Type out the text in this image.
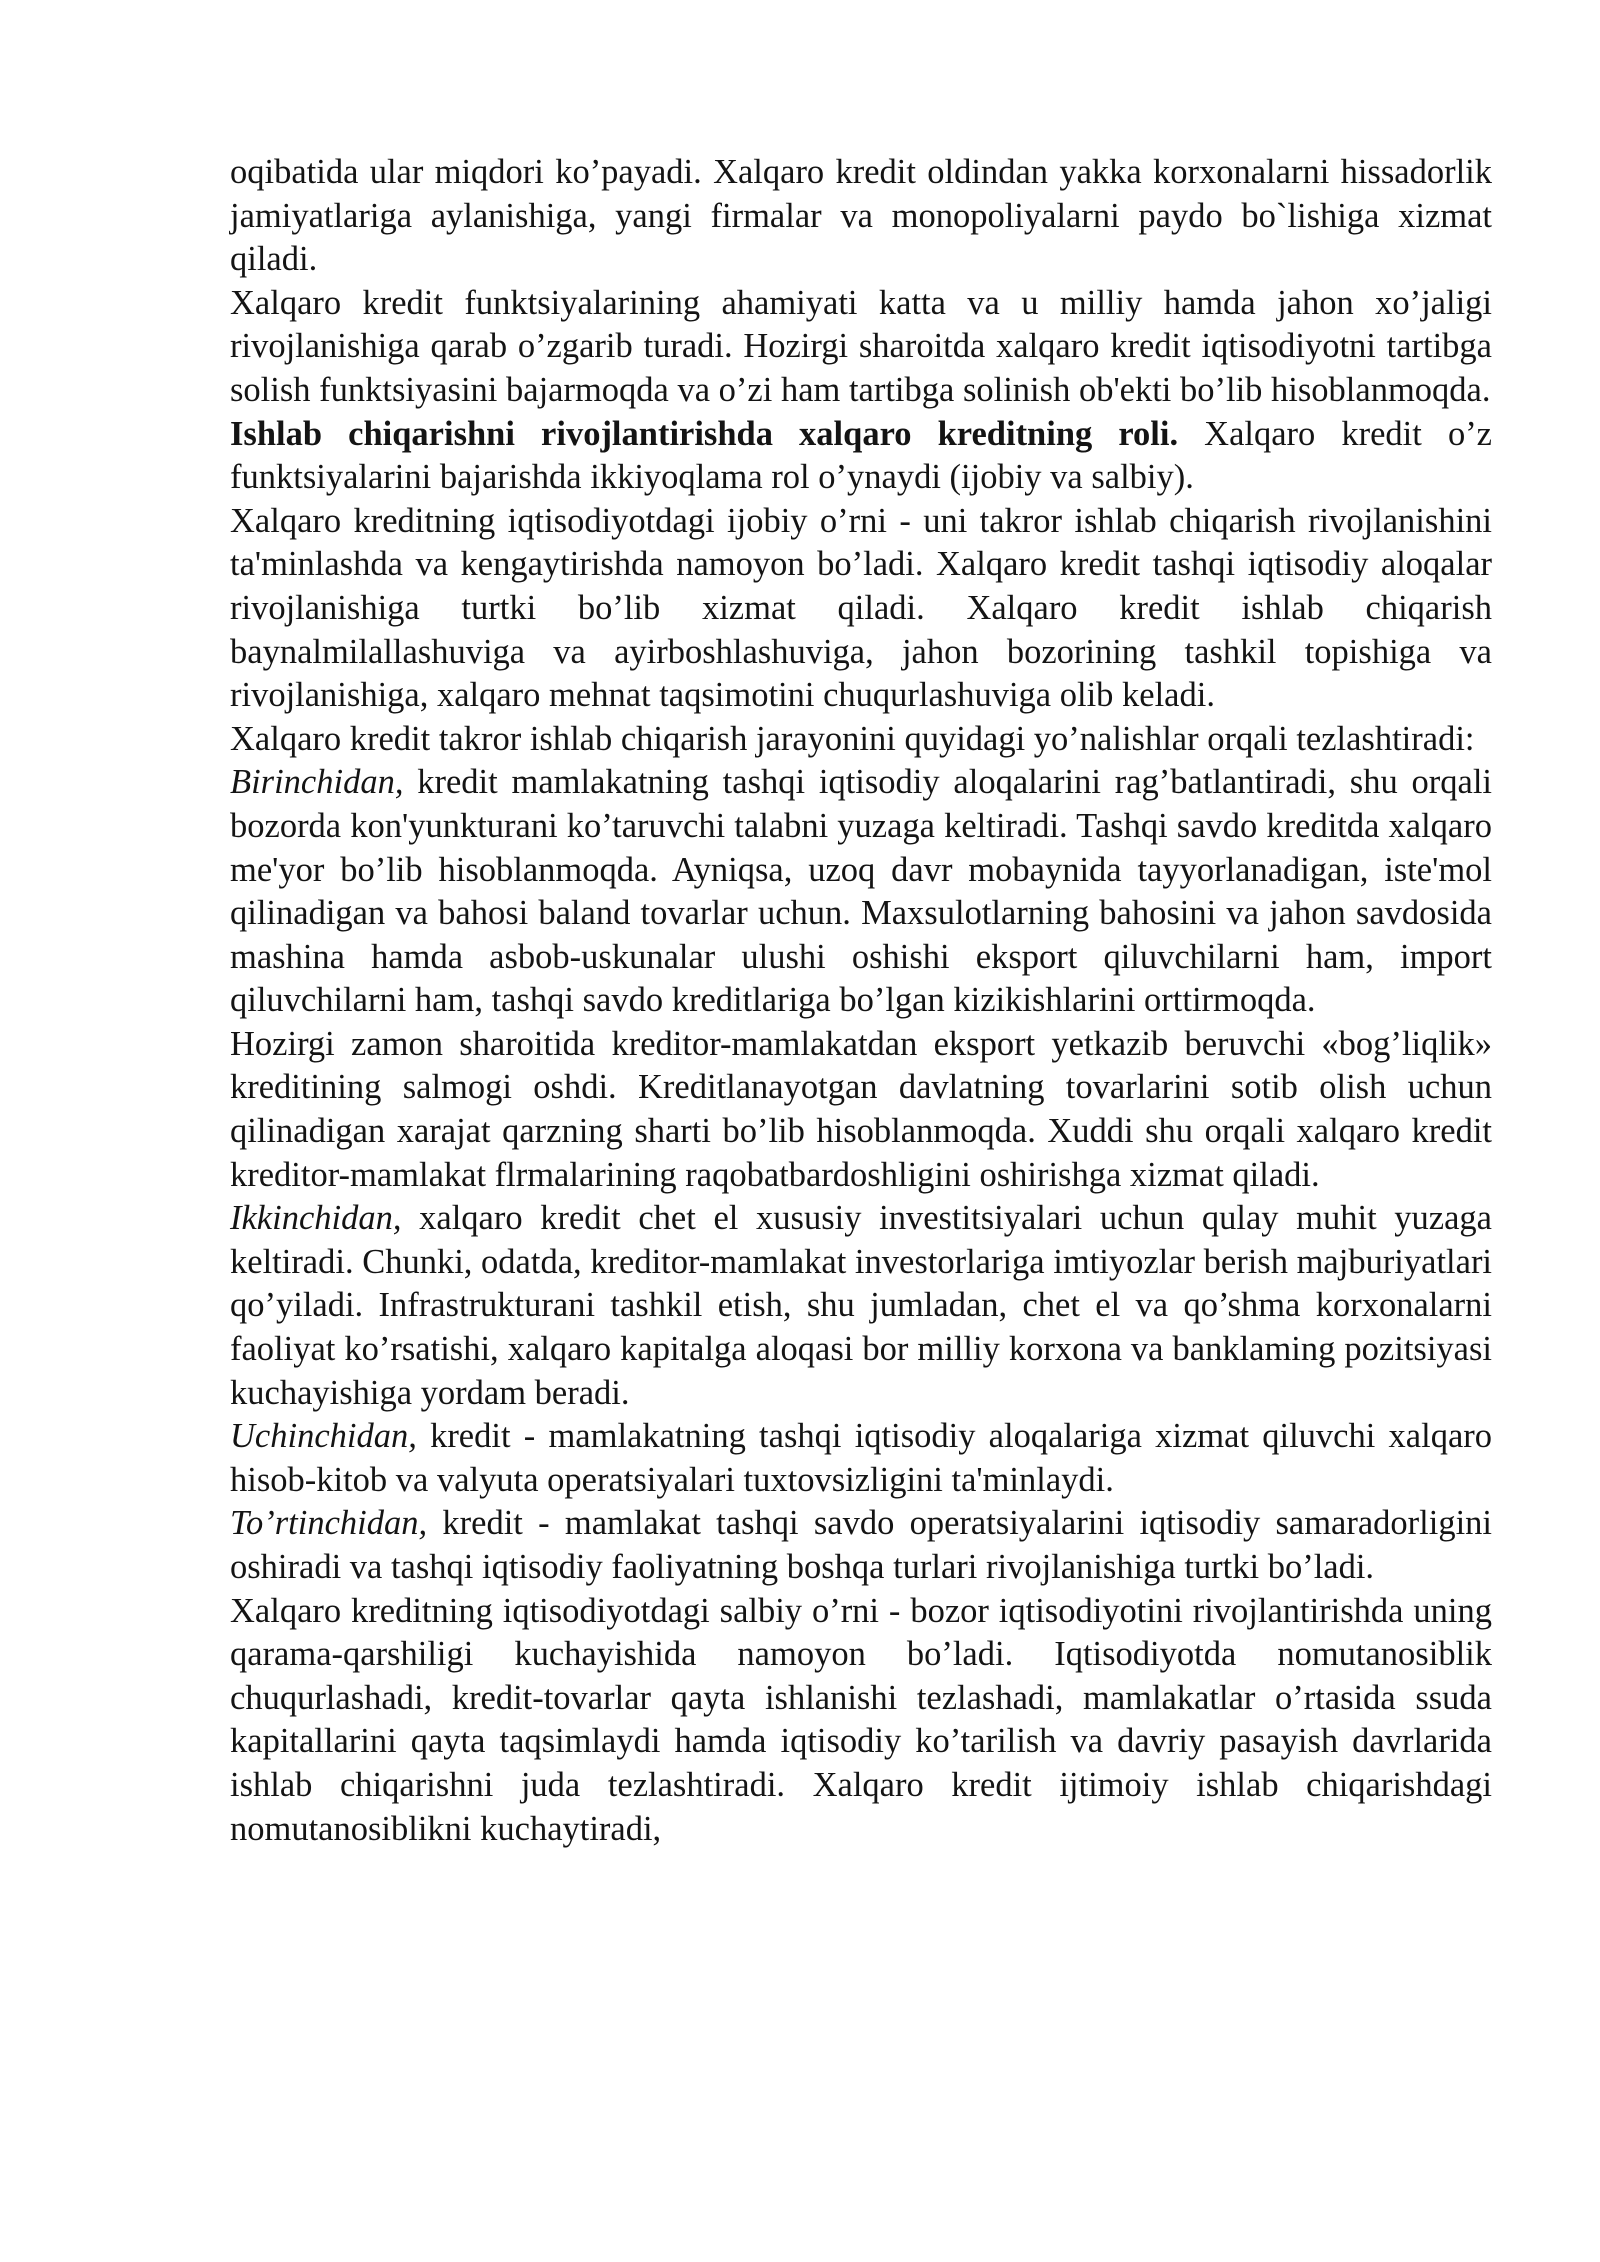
oqibatida ular miqdori ko’payadi. Xalqaro kredit oldindan yakka korxonalarni hissadorlik jamiyatlariga aylanishiga, yangi firmalar va monopoliyalarni paydo bo`lishiga xizmat qiladi.

Xalqaro kredit funktsiyalarining ahamiyati katta va u milliy hamda jahon xo’jaligi rivojlanishiga qarab o’zgarib turadi. Hozirgi sharoitda xalqaro kredit iqtisodiyotni tartibga solish funktsiyasini bajarmoqda va o’zi ham tartibga solinish ob'ekti bo’lib hisoblanmoqda.

Ishlab chiqarishni rivojlantirishda xalqaro kreditning roli. Xalqaro kredit o’z funktsiyalarini bajarishda ikkiyoqlama rol o’ynaydi (ijobiy va salbiy).

Xalqaro kreditning iqtisodiyotdagi ijobiy o’rni - uni takror ishlab chiqarish rivojlanishini ta'minlashda va kengaytirishda namoyon bo’ladi. Xalqaro kredit tashqi iqtisodiy aloqalar rivojlanishiga turtki bo’lib xizmat qiladi. Xalqaro kredit ishlab chiqarish baynalmilallashuviga va ayirboshlashuviga, jahon bozorining tashkil topishiga va rivojlanishiga, xalqaro mehnat taqsimotini chuqurlashuviga olib keladi.

Xalqaro kredit takror ishlab chiqarish jarayonini quyidagi yo’nalishlar orqali tezlashtiradi:

Birinchidan, kredit mamlakatning tashqi iqtisodiy aloqalarini rag’batlantiradi, shu orqali bozorda kon'yunkturani ko’taruvchi talabni yuzaga keltiradi. Tashqi savdo kreditda xalqaro me'yor bo’lib hisoblanmoqda. Ayniqsa, uzoq davr mobaynida tayyorlanadigan, iste'mol qilinadigan va bahosi baland tovarlar uchun. Maxsulotlarning bahosini va jahon savdosida mashina hamda asbob-uskunalar ulushi oshishi eksport qiluvchilarni ham, import qiluvchilarni ham, tashqi savdo kreditlariga bo’lgan kizikishlarini orttirmoqda.

Hozirgi zamon sharoitida kreditor-mamlakatdan eksport yetkazib beruvchi «bog’liqlik» kreditining salmogi oshdi. Kreditlanayotgan davlatning tovarlarini sotib olish uchun qilinadigan xarajat qarzning sharti bo’lib hisoblanmoqda. Xuddi shu orqali xalqaro kredit kreditor-mamlakat flrmalarining raqobatbardoshligini oshirishga xizmat qiladi.

Ikkinchidan, xalqaro kredit chet el xususiy investitsiyalari uchun qulay muhit yuzaga keltiradi. Chunki, odatda, kreditor-mamlakat investorlariga imtiyozlar berish majburiyatlari qo’yiladi. Infrastrukturani tashkil etish, shu jumladan, chet el va qo’shma korxonalarni faoliyat ko’rsatishi, xalqaro kapitalga aloqasi bor milliy korxona va banklaming pozitsiyasi kuchayishiga yordam beradi.

Uchinchidan, kredit - mamlakatning tashqi iqtisodiy aloqalariga xizmat qiluvchi xalqaro hisob-kitob va valyuta operatsiyalari tuxtovsizligini ta'minlaydi.

To’rtinchidan, kredit - mamlakat tashqi savdo operatsiyalarini iqtisodiy samaradorligini oshiradi va tashqi iqtisodiy faoliyatning boshqa turlari rivojlanishiga turtki bo’ladi.

Xalqaro kreditning iqtisodiyotdagi salbiy o’rni - bozor iqtisodiyotini rivojlantirishda uning qarama-qarshiligi kuchayishida namoyon bo’ladi. Iqtisodiyotda nomutanosiblik chuqurlashadi, kredit-tovarlar qayta ishlanishi tezlashadi, mamlakatlar o’rtasida ssuda kapitallarini qayta taqsimlaydi hamda iqtisodiy ko’tarilish va davriy pasayish davrlarida ishlab chiqarishni juda tezlashtiradi. Xalqaro kredit ijtimoiy ishlab chiqarishdagi nomutanosiblikni kuchaytiradi,
